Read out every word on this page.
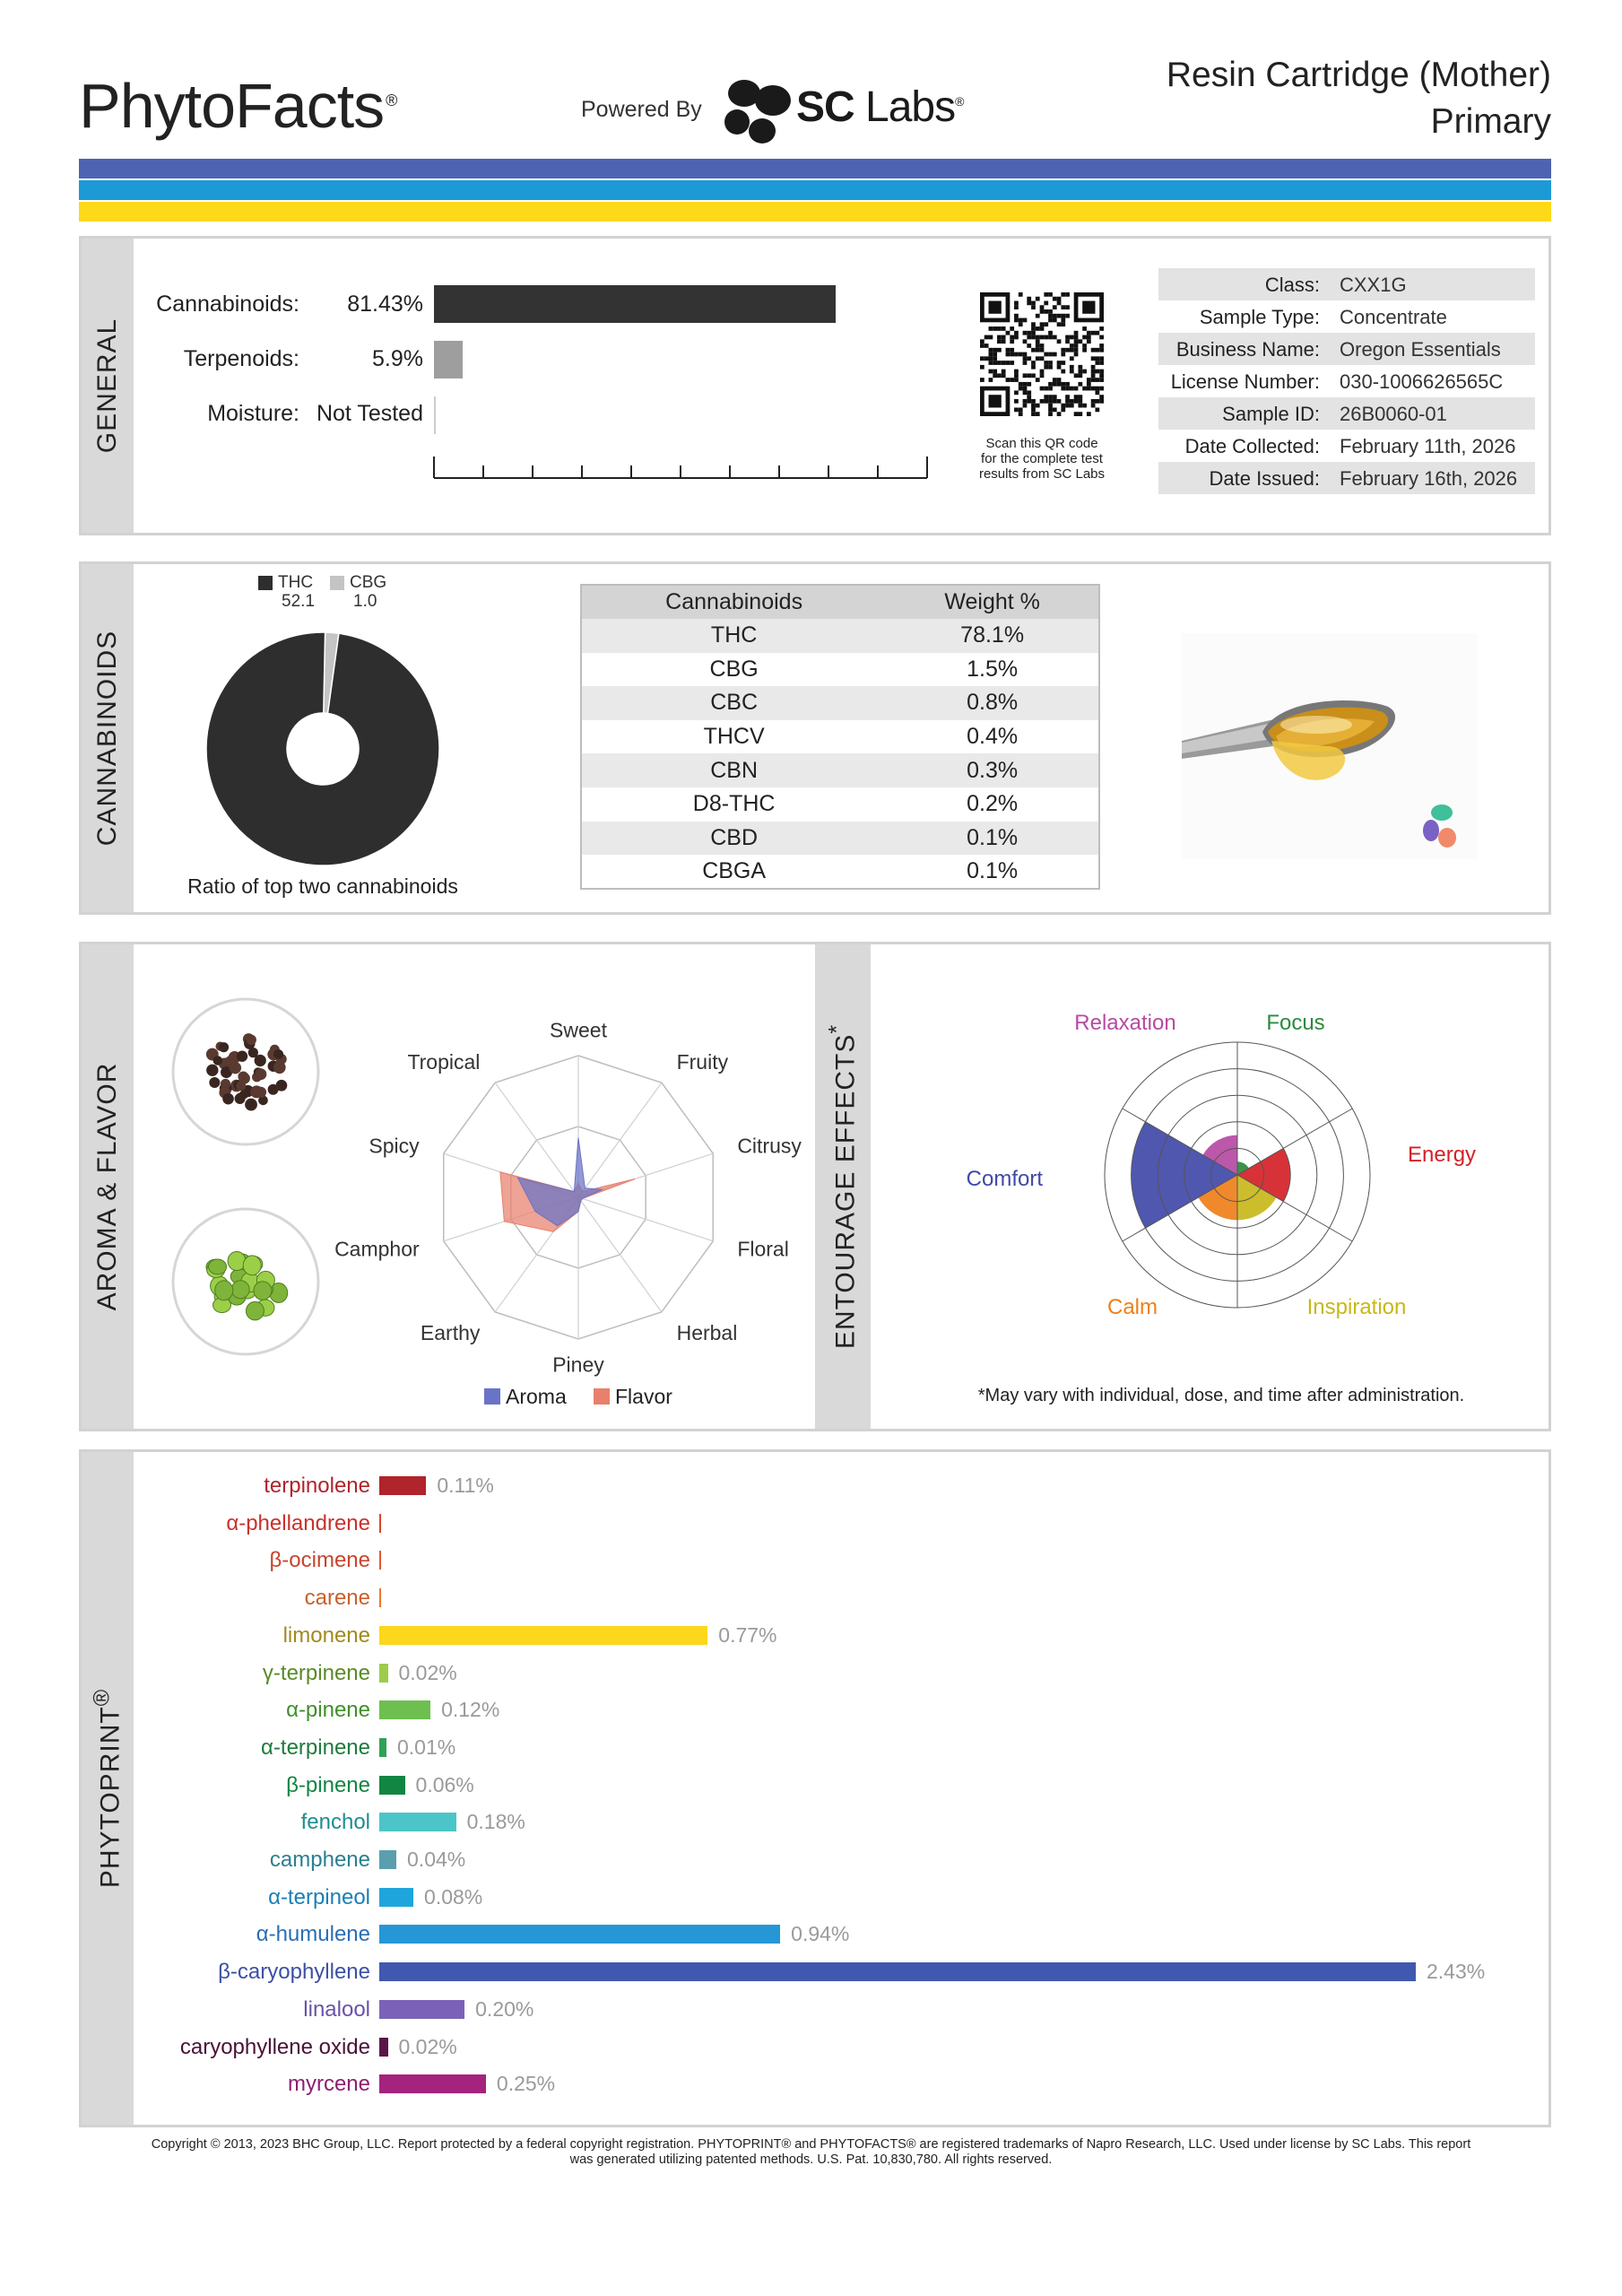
PhytoFacts ®	Powered By SC Labs®
Resin Cartridge (Mother)
Primary
GENERAL
Cannabinoids:	81.43%
Terpenoids:	5.9%
Moisture: Not Tested
Scan this QR code
for the complete test
results from SC Labs
Class: CXX1G
Sample Type: Concentrate
Business Name: Oregon Essentials
License Number: 030-1006626565C
Sample ID: 26B0060-01
Date Collected: February 11th, 2026
Date Issued: February 16th, 2026
CANNABINOIDS
THC
52.1
CBG
1.0
Ratio of top two cannabinoids
Cannabinoids	Weight %
THC	78.1%
CBG	1.5%
CBC	0.8%
THCV	0.4%
CBN	0.3%
D8-THC	0.2%
CBD	0.1%
CBGA	0.1%
AROMA & FLAVOR	ENTOURAGE EFFECTS*
Sweet
Fruity
Citrusy
Floral
Herbal
Piney
Earthy
Camphor
Spicy
Tropical
Aroma Flavor
Relaxation	Focus
Energy
Inspiration
Calm
Comfort
*May vary with individual, dose, and time after administration.
PHYTOPRINT®
terpinolene	0.11%
α-phellandrene
β-ocimene
carene
limonene	0.77%
γ-terpinene 0.02%
α-pinene	0.12%
α-terpinene 0.01%
β-pinene 0.06%
fenchol	0.18%
camphene 0.04%
α-terpineol	0.08%
α-humulene	0.94%
β-caryophyllene	2.43%
linalool	0.20%
caryophyllene oxide 0.02%
myrcene	0.25%
Copyright © 2013, 2023 BHC Group, LLC. Report protected by a federal copyright registration. PHYTOPRINT® and PHYTOFACTS® are registered trademarks of Napro Research, LLC. Used under license by SC Labs. This report
was generated utilizing patented methods. U.S. Pat. 10,830,780. All rights reserved.
